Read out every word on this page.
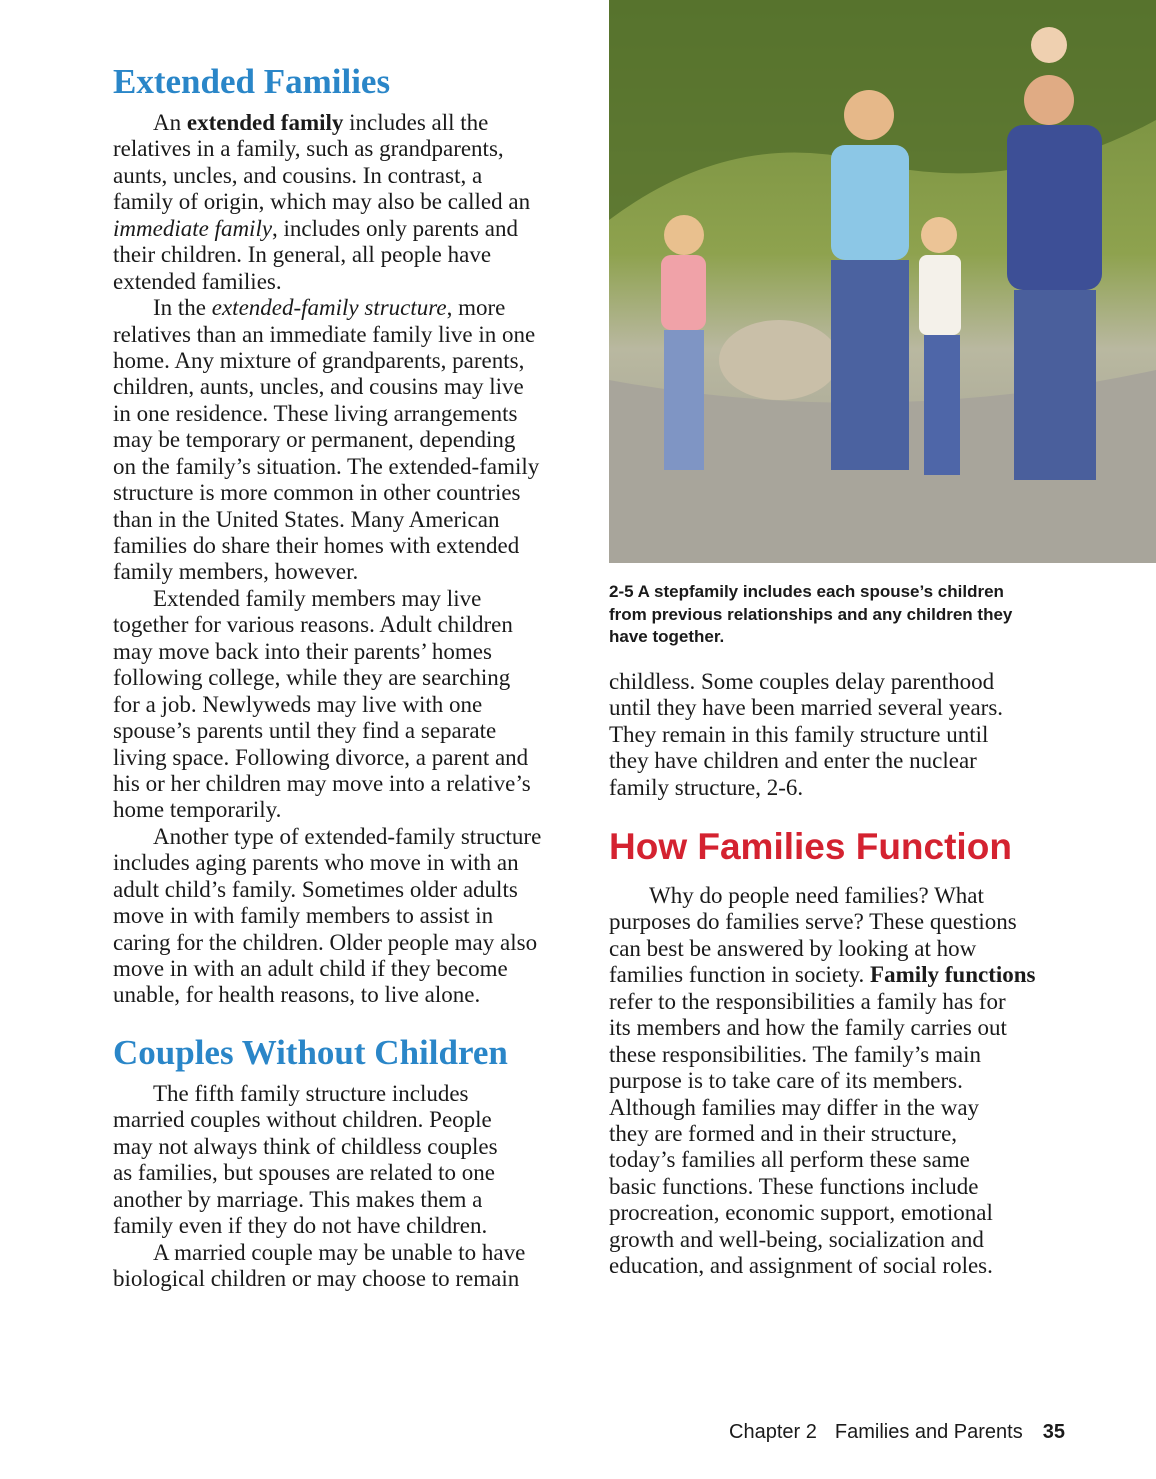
Extended Families
An extended family includes all the
relatives in a family, such as grandparents,
aunts, uncles, and cousins. In contrast, a
family of origin, which may also be called an
immediate family, includes only parents and
their children. In general, all people have
extended families.
In the extended-family structure, more
relatives than an immediate family live in one
home. Any mixture of grandparents, parents,
children, aunts, uncles, and cousins may live
in one residence. These living arrangements
may be temporary or permanent, depending
on the family’s situation. The extended-family
structure is more common in other countries
than in the United States. Many American
families do share their homes with extended
family members, however.
Extended family members may live
together for various reasons. Adult children
may move back into their parents’ homes
following college, while they are searching
for a job. Newlyweds may live with one
spouse’s parents until they find a separate
living space. Following divorce, a parent and
his or her children may move into a relative’s
home temporarily.
Another type of extended-family structure
includes aging parents who move in with an
adult child’s family. Sometimes older adults
move in with family members to assist in
caring for the children. Older people may also
move in with an adult child if they become
unable, for health reasons, to live alone.
Couples Without Children
The fifth family structure includes
married couples without children. People
may not always think of childless couples
as families, but spouses are related to one
another by marriage. This makes them a
family even if they do not have children.
A married couple may be unable to have
biological children or may choose to remain
2-5 A stepfamily includes each spouse’s children
from previous relationships and any children they
have together.
childless. Some couples delay parenthood
until they have been married several years.
They remain in this family structure until
they have children and enter the nuclear
family structure, 2-6.
How Families Function
Why do people need families? What
purposes do families serve? These questions
can best be answered by looking at how
families function in society. Family functions
refer to the responsibilities a family has for
its members and how the family carries out
these responsibilities. The family’s main
purpose is to take care of its members.
Although families may differ in the way
they are formed and in their structure,
today’s families all perform these same
basic functions. These functions include
procreation, economic support, emotional
growth and well-being, socialization and
education, and assignment of social roles.
Chapter 2 Families and Parents 35
